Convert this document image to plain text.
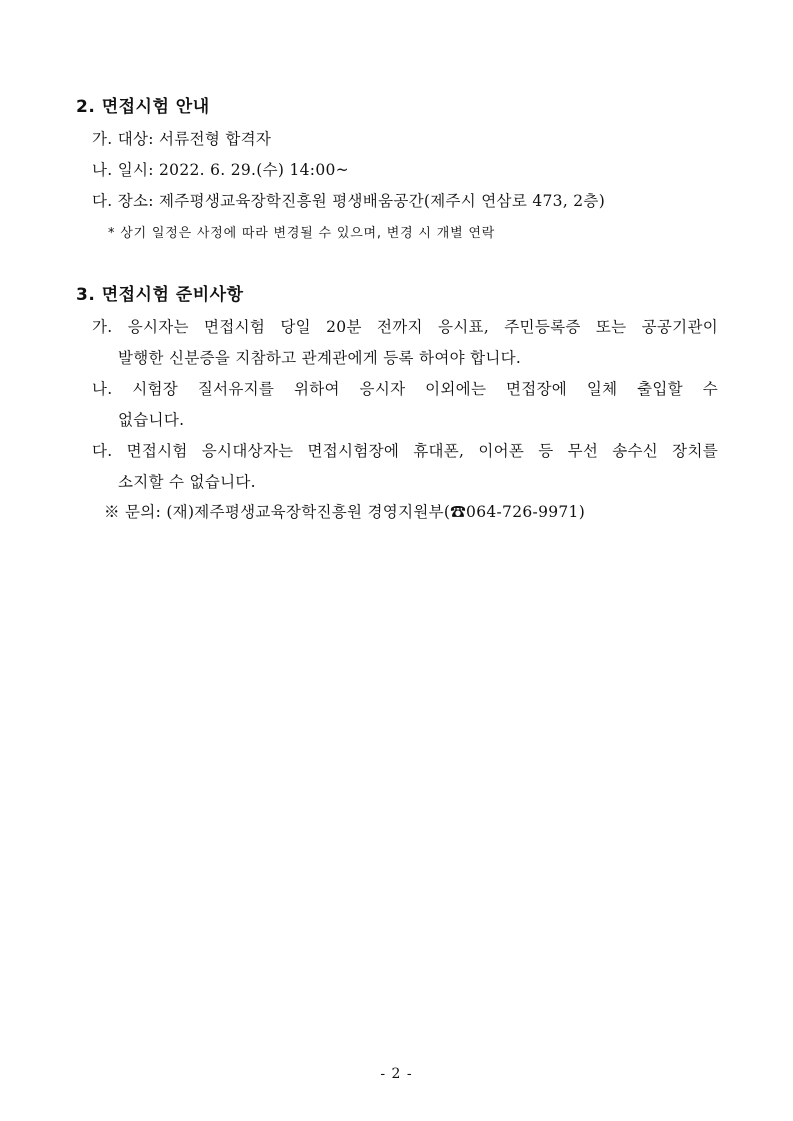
2. 면접시험 안내
가. 대상: 서류전형 합격자
나. 일시: 2022. 6. 29.(수) 14:00~
다. 장소: 제주평생교육장학진흥원 평생배움공간(제주시 연삼로 473, 2층)
* 상기 일정은 사정에 따라 변경될 수 있으며, 변경 시 개별 연락
3. 면접시험 준비사항
가. 응시자는 면접시험 당일 20분 전까지 응시표, 주민등록증 또는 공공기관이
발행한 신분증을 지참하고 관계관에게 등록 하여야 합니다.
나. 시험장 질서유지를 위하여 응시자 이외에는 면접장에 일체 출입할 수
없습니다.
다. 면접시험 응시대상자는 면접시험장에 휴대폰, 이어폰 등 무선 송수신 장치를
소지할 수 없습니다.
※ 문의: (재)제주평생교육장학진흥원 경영지원부(☎064-726-9971)
- 2 -
